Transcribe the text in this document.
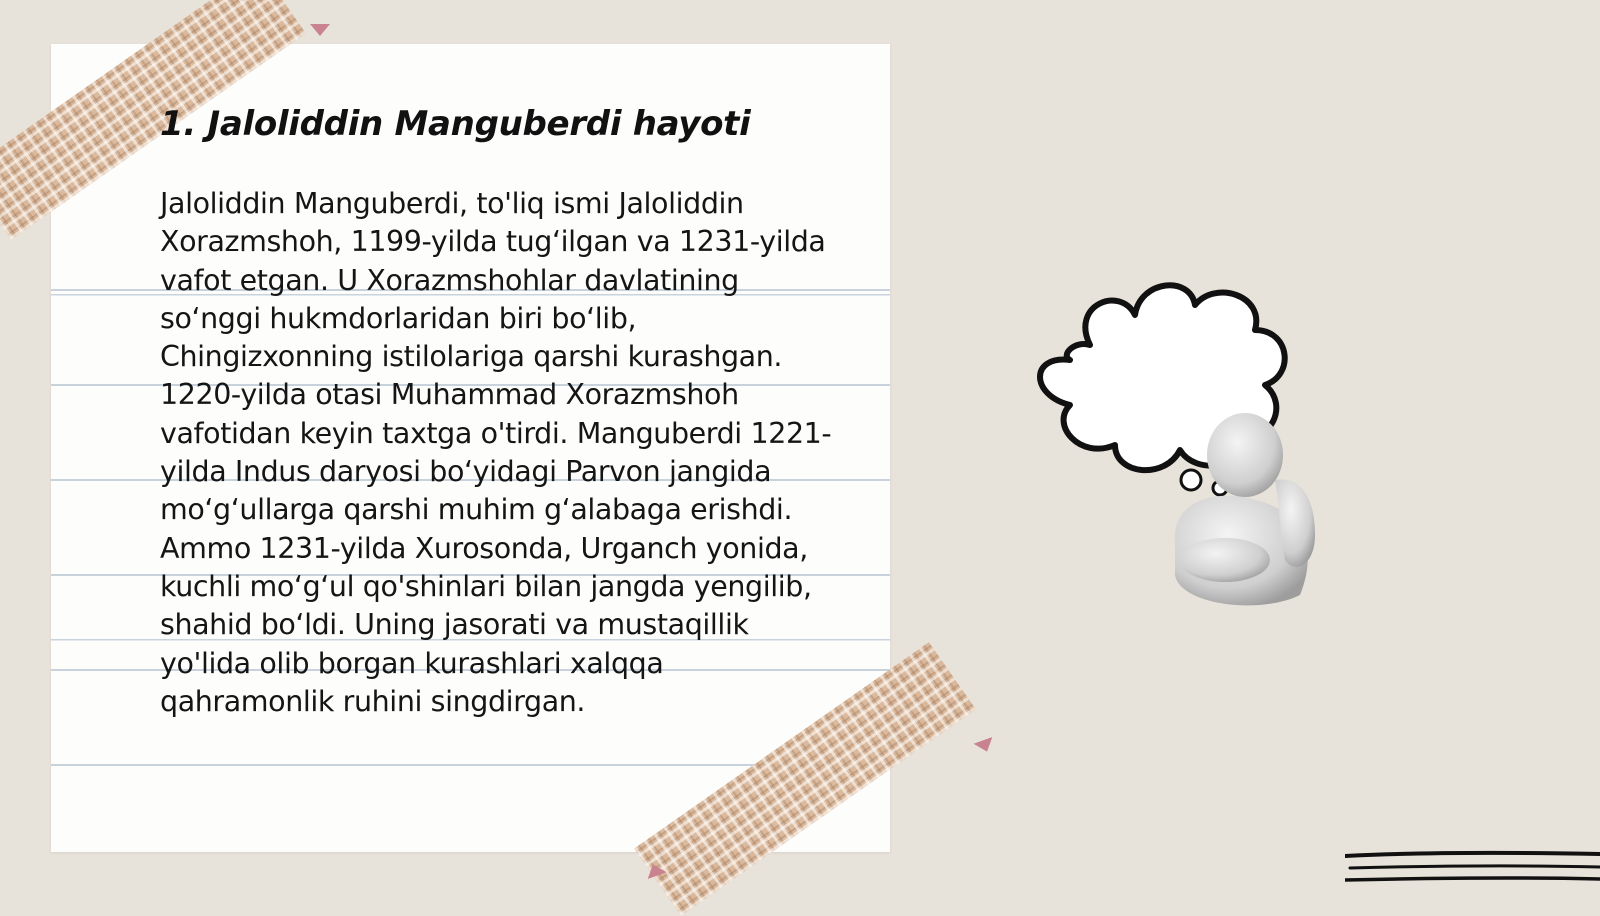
1. Jaloliddin Manguberdi hayoti

Jaloliddin Manguberdi, to'liq ismi Jaloliddin Xorazmshoh, 1199-yilda tug‘ilgan va 1231-yilda vafot etgan. U Xorazmshohlar davlatining so‘nggi hukmdorlaridan biri bo‘lib, Chingizxonning istilolariga qarshi kurashgan. 1220-yilda otasi Muhammad Xorazmshoh vafotidan keyin taxtga o'tirdi. Manguberdi 1221-yilda Indus daryosi bo‘yidagi Parvon jangida mo‘g‘ullarga qarshi muhim g‘alabaga erishdi. Ammo 1231-yilda Xurosonda, Urganch yonida, kuchli mo‘g‘ul qo'shinlari bilan jangda yengilib, shahid bo‘ldi. Uning jasorati va mustaqillik yo'lida olib borgan kurashlari xalqqa qahramonlik ruhini singdirgan.
